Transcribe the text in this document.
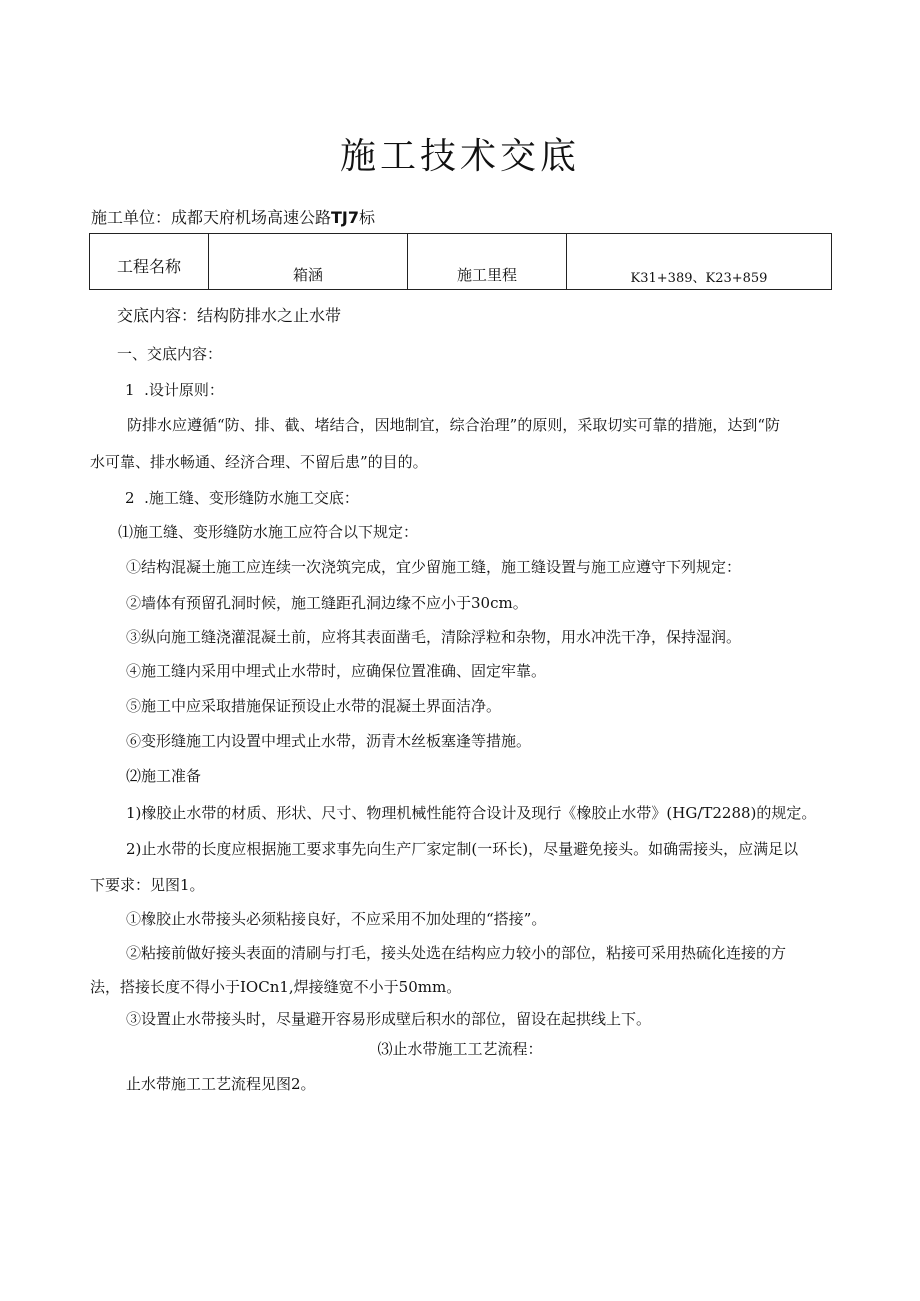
施工技术交底
施工单位：成都天府机场高速公路TJ7标
工程名称	箱涵	施工里程	K31+389、K23+859
交底内容：结构防排水之止水带
一、交底内容：
1  .设计原则：
防排水应遵循“防、排、截、堵结合，因地制宜，综合治理”的原则，采取切实可靠的措施，达到“防
水可靠、排水畅通、经济合理、不留后患”的目的。
2  .施工缝、变形缝防水施工交底：
⑴施工缝、变形缝防水施工应符合以下规定：
①结构混凝土施工应连续一次浇筑完成，宜少留施工缝，施工缝设置与施工应遵守下列规定：
②墙体有预留孔洞时候，施工缝距孔洞边缘不应小于30cm。
③纵向施工缝浇灌混凝土前，应将其表面凿毛，清除浮粒和杂物，用水冲洗干净，保持湿润。
④施工缝内采用中埋式止水带时，应确保位置准确、固定牢靠。
⑤施工中应采取措施保证预设止水带的混凝土界面洁净。
⑥变形缝施工内设置中埋式止水带，沥青木丝板塞逢等措施。
⑵施工准备
1)橡胶止水带的材质、形状、尺寸、物理机械性能符合设计及现行《橡胶止水带》(HG/T2288)的规定。
2)止水带的长度应根据施工要求事先向生产厂家定制(一环长)，尽量避免接头。如确需接头，应满足以
下要求：见图1。
①橡胶止水带接头必须粘接良好，不应采用不加处理的“搭接”。
②粘接前做好接头表面的清刷与打毛，接头处选在结构应力较小的部位，粘接可采用热硫化连接的方
法，搭接长度不得小于IOCn1,焊接缝宽不小于50mm。
③设置止水带接头时，尽量避开容易形成壁后积水的部位，留设在起拱线上下。
⑶止水带施工工艺流程：
止水带施工工艺流程见图2。
